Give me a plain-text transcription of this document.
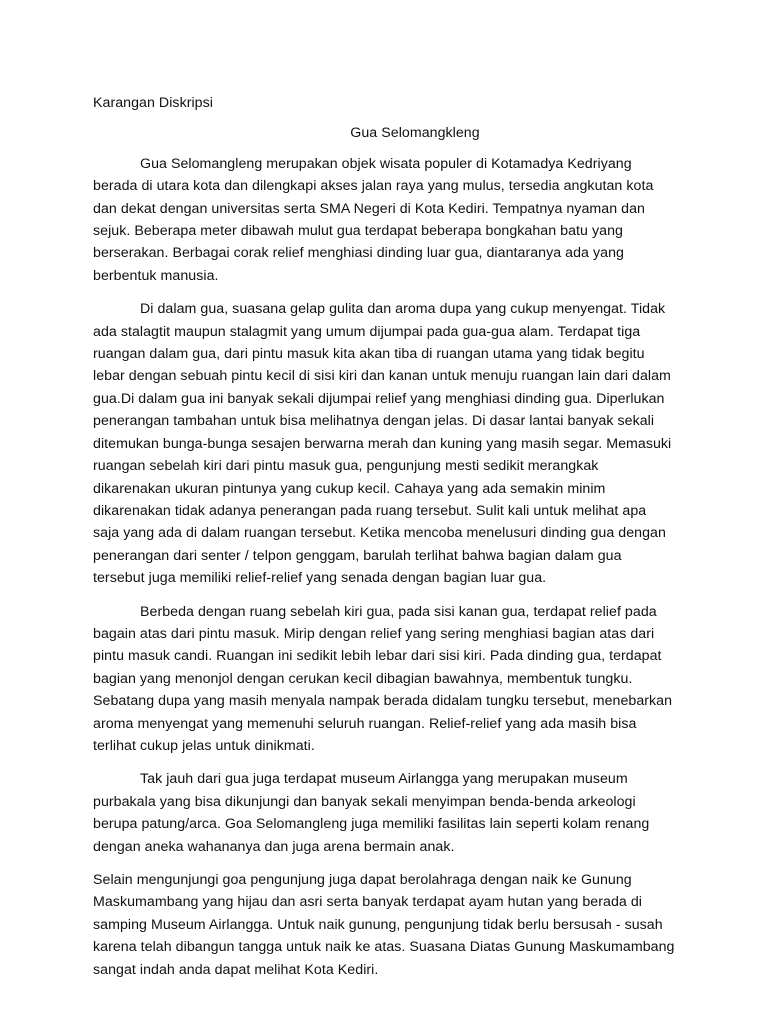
Karangan Diskripsi

Gua Selomangkleng

Gua Selomangleng merupakan objek wisata populer di Kotamadya Kedriyang berada di utara kota dan dilengkapi akses jalan raya yang mulus, tersedia angkutan kota dan dekat dengan universitas serta SMA Negeri di Kota Kediri. Tempatnya nyaman dan sejuk. Beberapa meter dibawah mulut gua terdapat beberapa bongkahan batu yang berserakan. Berbagai corak relief menghiasi dinding luar gua, diantaranya ada yang berbentuk manusia.

Di dalam gua, suasana gelap gulita dan aroma dupa yang cukup menyengat. Tidak ada stalagtit maupun stalagmit yang umum dijumpai pada gua-gua alam. Terdapat tiga ruangan dalam gua, dari pintu masuk kita akan tiba di ruangan utama yang tidak begitu lebar dengan sebuah pintu kecil di sisi kiri dan kanan untuk menuju ruangan lain dari dalam gua.Di dalam gua ini banyak sekali dijumpai relief yang menghiasi dinding gua. Diperlukan penerangan tambahan untuk bisa melihatnya dengan jelas. Di dasar lantai banyak sekali ditemukan bunga-bunga sesajen berwarna merah dan kuning yang masih segar. Memasuki ruangan sebelah kiri dari pintu masuk gua, pengunjung mesti sedikit merangkak dikarenakan ukuran pintunya yang cukup kecil. Cahaya yang ada semakin minim dikarenakan tidak adanya penerangan pada ruang tersebut. Sulit kali untuk melihat apa saja yang ada di dalam ruangan tersebut. Ketika mencoba menelusuri dinding gua dengan penerangan dari senter / telpon genggam, barulah terlihat bahwa bagian dalam gua tersebut juga memiliki relief-relief yang senada dengan bagian luar gua.

Berbeda dengan ruang sebelah kiri gua, pada sisi kanan gua, terdapat relief pada bagain atas dari pintu masuk. Mirip dengan relief yang sering menghiasi bagian atas dari pintu masuk candi. Ruangan ini sedikit lebih lebar dari sisi kiri. Pada dinding gua, terdapat bagian yang menonjol dengan cerukan kecil dibagian bawahnya, membentuk tungku. Sebatang dupa yang masih menyala nampak berada didalam tungku tersebut, menebarkan aroma menyengat yang memenuhi seluruh ruangan. Relief-relief yang ada masih bisa terlihat cukup jelas untuk dinikmati.

Tak jauh dari gua juga terdapat museum Airlangga yang merupakan museum purbakala yang bisa dikunjungi dan banyak sekali menyimpan benda-benda arkeologi berupa patung/arca. Goa Selomangleng juga memiliki fasilitas lain seperti kolam renang dengan aneka wahananya dan juga arena bermain anak.

Selain mengunjungi goa pengunjung juga dapat berolahraga dengan naik ke Gunung Maskumambang yang hijau dan asri serta banyak terdapat ayam hutan yang berada di samping Museum Airlangga. Untuk naik gunung, pengunjung tidak berlu bersusah - susah karena telah dibangun tangga untuk naik ke atas. Suasana Diatas Gunung Maskumambang sangat indah anda dapat melihat Kota Kediri.
